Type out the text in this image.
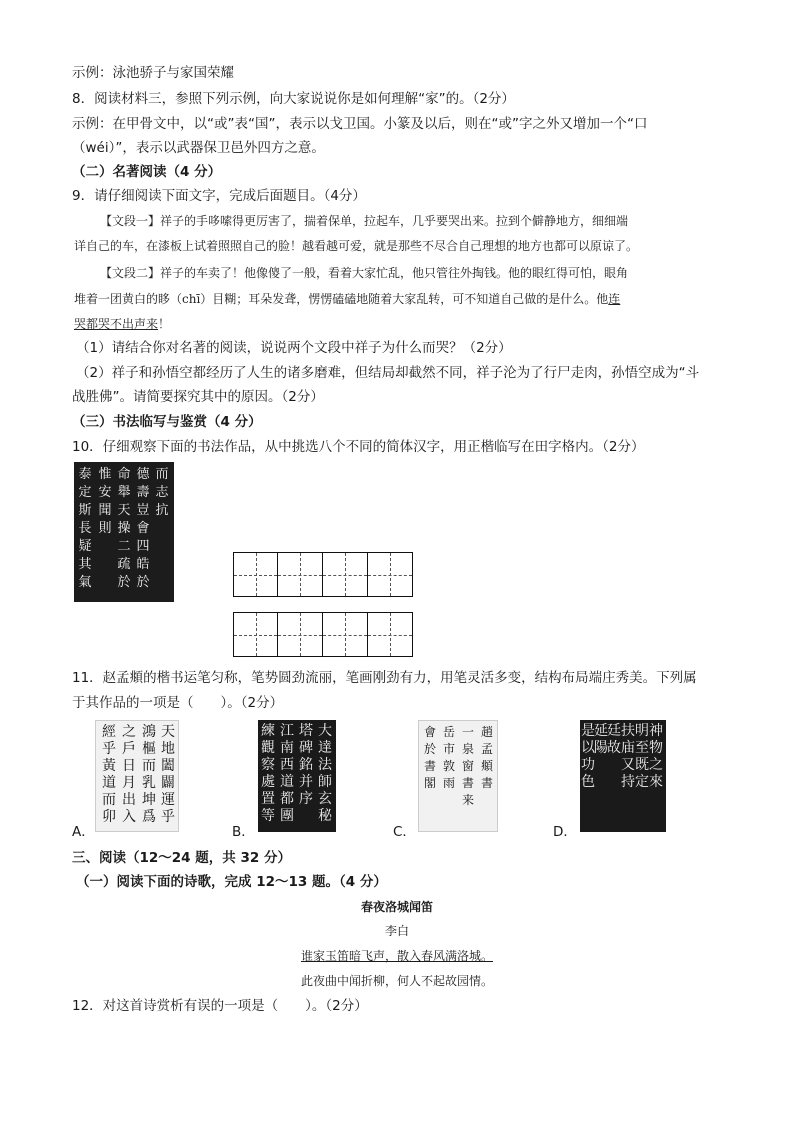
示例：泳池骄子与家国荣耀
8．阅读材料三，参照下列示例，向大家说说你是如何理解“家”的。（2分）
示例：在甲骨文中，以“或”表“国”，表示以戈卫国。小篆及以后，则在“或”字之外又增加一个“口
（wéi）”，表示以武器保卫邑外四方之意。
（二）名著阅读（4 分）
9．请仔细阅读下面文字，完成后面题目。（4分）
【文段一】祥子的手哆嗦得更厉害了，揣着保单，拉起车，几乎要哭出来。拉到个僻静地方，细细端
详自己的车，在漆板上试着照照自己的脸！越看越可爱，就是那些不尽合自己理想的地方也都可以原谅了。
【文段二】祥子的车卖了！他像傻了一般，看着大家忙乱，他只管往外掏钱。他的眼红得可怕，眼角
堆着一团黄白的眵（chī）目糊；耳朵发聋，愣愣磕磕地随着大家乱转，可不知道自己做的是什么。他连
哭都哭不出声来！
（1）请结合你对名著的阅读，说说两个文段中祥子为什么而哭？（2分）
（2）祥子和孙悟空都经历了人生的诸多磨难，但结局却截然不同，祥子沦为了行尸走肉，孙悟空成为“斗
战胜佛”。请简要探究其中的原因。（2分）
（三）书法临写与鉴赏（4 分）
10．仔细观察下面的书法作品，从中挑选八个不同的简体汉字，用正楷临写在田字格内。（2分）
而志抗
德壽豈會四皓於
命舉天操二疏於
惟安聞則
泰定斯長疑其氣
11．赵孟頫的楷书运笔匀称，笔势圆劲流丽，笔画刚劲有力，用笔灵活多变，结构布局端庄秀美。下列属
于其作品的一项是（　　）。（2分）
A．
天地闔闢運乎
鴻樞而乳坤爲
之戶日月出入
經乎黃道而卯
B．
大達法師玄秘
塔碑銘并序
江南西道都團
練觀察處置等
C．
趙孟頫書
一泉窗書来
岳市敦雨
會於書閣
D．
神物之來
明至既定
扶庙又持
廷故
延陽
是以功色
三、阅读（12～24 题，共 32 分）
（一）阅读下面的诗歌，完成 12～13 题。（4 分）
春夜洛城闻笛
李白
谁家玉笛暗飞声，散入春风满洛城。
此夜曲中闻折柳，何人不起故园情。
12．对这首诗赏析有误的一项是（　　）。（2分）
